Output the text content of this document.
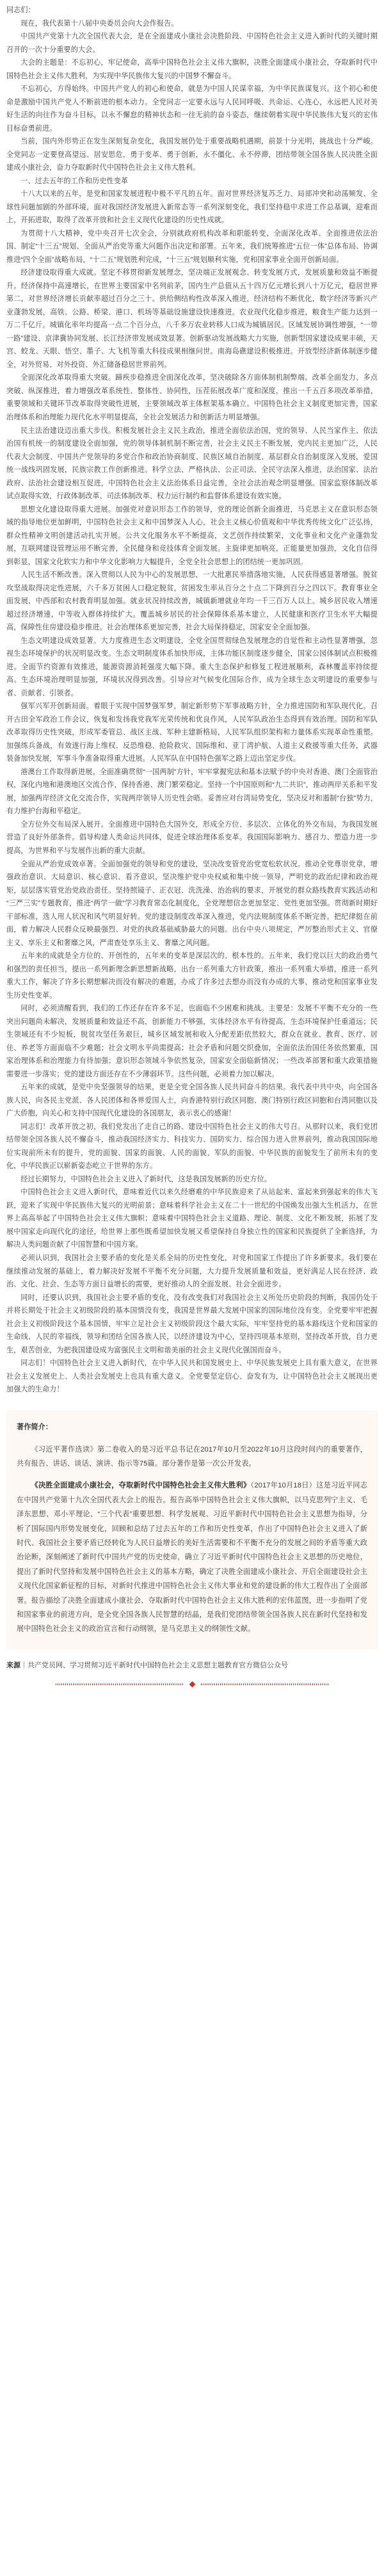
同志们：

现在，我代表第十八届中央委员会向大会作报告。

中国共产党第十九次全国代表大会，是在全面建成小康社会决胜阶段、中国特色社会主义进入新时代的关键时期召开的一次十分重要的大会。

大会的主题是：不忘初心，牢记使命，高举中国特色社会主义伟大旗帜，决胜全面建成小康社会，夺取新时代中国特色社会主义伟大胜利，为实现中华民族伟大复兴的中国梦不懈奋斗。

不忘初心，方得始终。中国共产党人的初心和使命，就是为中国人民谋幸福，为中华民族谋复兴。这个初心和使命是激励中国共产党人不断前进的根本动力。全党同志一定要永远与人民同呼吸、共命运、心连心，永远把人民对美好生活的向往作为奋斗目标，以永不懈怠的精神状态和一往无前的奋斗姿态，继续朝着实现中华民族伟大复兴的宏伟目标奋勇前进。

当前，国内外形势正在发生深刻复杂变化，我国发展仍处于重要战略机遇期，前景十分光明，挑战也十分严峻。全党同志一定要登高望远、居安思危，勇于变革、勇于创新，永不僵化、永不停滞，团结带领全国各族人民决胜全面建成小康社会，奋力夺取新时代中国特色社会主义伟大胜利。

一、过去五年的工作和历史性变革

十八大以来的五年，是党和国家发展进程中极不平凡的五年。面对世界经济复苏乏力、局部冲突和动荡频发、全球性问题加剧的外部环境，面对我国经济发展进入新常态等一系列深刻变化，我们坚持稳中求进工作总基调，迎难而上，开拓进取，取得了改革开放和社会主义现代化建设的历史性成就。

为贯彻十八大精神，党中央召开七次全会，分别就政府机构改革和职能转变、全面深化改革、全面推进依法治国、制定“十三五”规划、全面从严治党等重大问题作出决定和部署。五年来，我们统筹推进“五位一体”总体布局、协调推进“四个全面”战略布局，“十二五”规划胜利完成，“十三五”规划顺利实施，党和国家事业全面开创新局面。

经济建设取得重大成就。坚定不移贯彻新发展理念，坚决端正发展观念、转变发展方式，发展质量和效益不断提升。经济保持中高速增长，在世界主要国家中名列前茅，国内生产总值从五十四万亿元增长到八十万亿元，稳居世界第二，对世界经济增长贡献率超过百分之三十。供给侧结构性改革深入推进，经济结构不断优化，数字经济等新兴产业蓬勃发展，高铁、公路、桥梁、港口、机场等基础设施建设快速推进。农业现代化稳步推进，粮食生产能力达到一万二千亿斤。城镇化率年均提高一点二个百分点，八千多万农业转移人口成为城镇居民。区域发展协调性增强，“一带一路”建设、京津冀协同发展、长江经济带发展成效显著。创新驱动发展战略大力实施，创新型国家建设成果丰硕，天宫、蛟龙、天眼、悟空、墨子、大飞机等重大科技成果相继问世。南海岛礁建设积极推进。开放型经济新体制逐步健全，对外贸易、对外投资、外汇储备稳居世界前列。

全面深化改革取得重大突破。蹄疾步稳推进全面深化改革，坚决破除各方面体制机制弊端。改革全面发力、多点突破、纵深推进，着力增强改革系统性、整体性、协同性，压茬拓展改革广度和深度，推出一千五百多项改革举措，重要领域和关键环节改革取得突破性进展，主要领域改革主体框架基本确立。中国特色社会主义制度更加完善，国家治理体系和治理能力现代化水平明显提高，全社会发展活力和创新活力明显增强。

民主法治建设迈出重大步伐。积极发展社会主义民主政治，推进全面依法治国，党的领导、人民当家作主、依法治国有机统一的制度建设全面加强，党的领导体制机制不断完善，社会主义民主不断发展，党内民主更加广泛，人民代表大会制度、中国共产党领导的多党合作和政治协商制度、民族区域自治制度、基层群众自治制度深入发展，爱国统一战线巩固发展，民族宗教工作创新推进。科学立法、严格执法、公正司法、全民守法深入推进，法治国家、法治政府、法治社会建设相互促进，中国特色社会主义法治体系日益完善，全社会法治观念明显增强。国家监察体制改革试点取得实效，行政体制改革、司法体制改革、权力运行制约和监督体系建设有效实施。

思想文化建设取得重大进展。加强党对意识形态工作的领导，党的理论创新全面推进，马克思主义在意识形态领域的指导地位更加鲜明，中国特色社会主义和中国梦深入人心，社会主义核心价值观和中华优秀传统文化广泛弘扬，群众性精神文明创建活动扎实开展。公共文化服务水平不断提高，文艺创作持续繁荣，文化事业和文化产业蓬勃发展，互联网建设管理运用不断完善，全民健身和竞技体育全面发展。主旋律更加响亮，正能量更加强劲，文化自信得到彰显，国家文化软实力和中华文化影响力大幅提升，全党全社会思想上的团结统一更加巩固。

人民生活不断改善。深入贯彻以人民为中心的发展思想，一大批惠民举措落地实施，人民获得感显著增强。脱贫攻坚战取得决定性进展，六千多万贫困人口稳定脱贫，贫困发生率从百分之十点二下降到百分之四以下。教育事业全面发展，中西部和农村教育明显加强。就业状况持续改善，城镇新增就业年均一千三百万人以上。城乡居民收入增速超过经济增速，中等收入群体持续扩大。覆盖城乡居民的社会保障体系基本建立，人民健康和医疗卫生水平大幅提高，保障性住房建设稳步推进。社会治理体系更加完善，社会大局保持稳定，国家安全全面加强。

生态文明建设成效显著。大力度推进生态文明建设，全党全国贯彻绿色发展理念的自觉性和主动性显著增强，忽视生态环境保护的状况明显改变。生态文明制度体系加快形成，主体功能区制度逐步健全，国家公园体制试点积极推进。全面节约资源有效推进，能源资源消耗强度大幅下降。重大生态保护和修复工程进展顺利，森林覆盖率持续提高。生态环境治理明显加强，环境状况得到改善。引导应对气候变化国际合作，成为全球生态文明建设的重要参与者、贡献者、引领者。

强军兴军开创新局面。着眼于实现中国梦强军梦，制定新形势下军事战略方针，全力推进国防和军队现代化。召开古田全军政治工作会议，恢复和发扬我党我军光荣传统和优良作风，人民军队政治生态得到有效治理。国防和军队改革取得历史性突破，形成军委管总、战区主战、军种主建新格局，人民军队组织架构和力量体系实现革命性重塑。加强练兵备战，有效遂行海上维权、反恐维稳、抢险救灾、国际维和、亚丁湾护航、人道主义救援等重大任务，武器装备加快发展，军事斗争准备取得重大进展。人民军队在中国特色强军之路上迈出坚定步伐。

港澳台工作取得新进展。全面准确贯彻“一国两制”方针，牢牢掌握宪法和基本法赋予的中央对香港、澳门全面管治权，深化内地和港澳地区交流合作，保持香港、澳门繁荣稳定。坚持一个中国原则和“九二共识”，推动两岸关系和平发展，加强两岸经济文化交流合作，实现两岸领导人历史性会晤。妥善应对台湾局势变化，坚决反对和遏制“台独”势力，有力维护台海和平稳定。

全方位外交布局深入展开。全面推进中国特色大国外交，形成全方位、多层次、立体化的外交布局，为我国发展营造了良好外部条件。倡导构建人类命运共同体，促进全球治理体系变革。我国国际影响力、感召力、塑造力进一步提高，为世界和平与发展作出新的重大贡献。

全面从严治党成效卓著。全面加强党的领导和党的建设，坚决改变管党治党宽松软状况。推动全党尊崇党章，增强政治意识、大局意识、核心意识、看齐意识，坚决维护党中央权威和集中统一领导，严明党的政治纪律和政治规矩，层层落实管党治党政治责任。坚持照镜子、正衣冠、洗洗澡、治治病的要求，开展党的群众路线教育实践活动和“三严三实”专题教育，推进“两学一做”学习教育常态化制度化，全党理想信念更加坚定、党性更加坚强。贯彻新时期好干部标准，选人用人状况和风气明显好转。党的建设制度改革深入推进，党内法规制度体系不断完善。把纪律挺在前面，着力解决人民群众反映最强烈、对党的执政基础威胁最大的问题。出台中央八项规定，严厉整治形式主义、官僚主义、享乐主义和奢靡之风，严肃查处享乐主义、奢靡之风问题。

五年来的成就是全方位的、开创性的，五年来的变革是深层次的、根本性的。五年来，我们党以巨大的政治勇气和强烈的责任担当，提出一系列新理念新思想新战略，出台一系列重大方针政策，推出一系列重大举措，推进一系列重大工作，解决了许多长期想解决而没有解决的难题，办成了许多过去想办而没有办成的大事，推动党和国家事业发生历史性变革。

同时，必须清醒看到，我们的工作还存在许多不足，也面临不少困难和挑战。主要是：发展不平衡不充分的一些突出问题尚未解决，发展质量和效益还不高，创新能力不够强，实体经济水平有待提高，生态环境保护任重道远；民生领域还有不少短板，脱贫攻坚任务艰巨，城乡区域发展和收入分配差距依然较大，群众在就业、教育、医疗、居住、养老等方面面临不少难题；社会文明水平尚需提高；社会矛盾和问题交织叠加，全面依法治国任务依然繁重，国家治理体系和治理能力有待加强；意识形态领域斗争依然复杂，国家安全面临新情况；一些改革部署和重大政策措施需要进一步落实；党的建设方面还存在不少薄弱环节。这些问题，必须着力加以解决。

五年来的成就，是党中央坚强领导的结果，更是全党全国各族人民共同奋斗的结果。我代表中共中央，向全国各族人民，向各民主党派、各人民团体和各界爱国人士，向香港特别行政区同胞、澳门特别行政区同胞和台湾同胞以及广大侨胞，向关心和支持中国现代化建设的各国朋友，表示衷心的感谢！

同志们！改革开放之初，我们党发出了走自己的路、建设中国特色社会主义的伟大号召。从那时以来，我们党团结带领全国各族人民不懈奋斗，推动我国经济实力、科技实力、国防实力、综合国力进入世界前列，推动我国国际地位实现前所未有的提升，党的面貌、国家的面貌、人民的面貌、军队的面貌、中华民族的面貌发生了前所未有的变化，中华民族正以崭新姿态屹立于世界的东方。

经过长期努力，中国特色社会主义进入了新时代，这是我国发展新的历史方位。

中国特色社会主义进入新时代，意味着近代以来久经磨难的中华民族迎来了从站起来、富起来到强起来的伟大飞跃，迎来了实现中华民族伟大复兴的光明前景；意味着科学社会主义在二十一世纪的中国焕发出强大生机活力，在世界上高高举起了中国特色社会主义伟大旗帜；意味着中国特色社会主义道路、理论、制度、文化不断发展，拓展了发展中国家走向现代化的途径，给世界上那些既希望加快发展又希望保持自身独立性的国家和民族提供了全新选择，为解决人类问题贡献了中国智慧和中国方案。

必须认识到，我国社会主要矛盾的变化是关系全局的历史性变化，对党和国家工作提出了许多新要求。我们要在继续推动发展的基础上，着力解决好发展不平衡不充分问题，大力提升发展质量和效益，更好满足人民在经济、政治、文化、社会、生态等方面日益增长的需要，更好推动人的全面发展、社会全面进步。

同时，还要认识到，我国社会主要矛盾的变化，没有改变我们对我国社会主义所处历史阶段的判断，我国仍处于并将长期处于社会主义初级阶段的基本国情没有变，我国是世界最大发展中国家的国际地位没有变。全党要牢牢把握社会主义初级阶段这个基本国情，牢牢立足社会主义初级阶段这个最大实际，牢牢坚持党的基本路线这个党和国家的生命线、人民的幸福线，领导和团结全国各族人民，以经济建设为中心，坚持四项基本原则，坚持改革开放，自力更生，艰苦创业，为把我国建设成为富强民主文明和谐美丽的社会主义现代化强国而奋斗。

同志们！中国特色社会主义进入新时代，在中华人民共和国发展史上、中华民族发展史上具有重大意义，在世界社会主义发展史上、人类社会发展史上也具有重大意义。全党要坚定信心、奋发有为，让中国特色社会主义展现出更加强大的生命力！

著作简介：

《习近平著作选读》第二卷收入的是习近平总书记在2017年10月至2022年10月这段时间内的重要著作，共有报告、讲话、谈话、演讲、指示等75篇。部分著作是第一次公开发表。

《决胜全面建成小康社会，夺取新时代中国特色社会主义伟大胜利》（2017年10月18日）这是习近平同志在中国共产党第十九次全国代表大会上的报告。报告高举中国特色社会主义伟大旗帜，以马克思列宁主义、毛泽东思想、邓小平理论、“三个代表”重要思想、科学发展观、习近平新时代中国特色社会主义思想为指导，分析了国际国内形势发展变化，回顾和总结了过去五年的工作和历史性变革，作出了中国特色社会主义进入了新时代、我国社会主要矛盾已经转化为人民日益增长的美好生活需要和不平衡不充分的发展之间的矛盾等重大政治论断，深刻阐述了新时代中国共产党的历史使命，确立了习近平新时代中国特色社会主义思想的历史地位，提出了新时代坚持和发展中国特色社会主义的基本方略，确定了决胜全面建成小康社会、开启全面建设社会主义现代化国家新征程的目标，对新时代推进中国特色社会主义伟大事业和党的建设新的伟大工程作出了全面部署。报告描绘了决胜全面建成小康社会、夺取新时代中国特色社会主义伟大胜利的宏伟蓝图，进一步指明了党和国家事业的前进方向，是全党全国各族人民智慧的结晶，是我们党团结带领全国各族人民在新时代坚持和发展中国特色社会主义的政治宣言和行动纲领，是马克思主义的纲领性文献。

来源｜共产党员网、学习贯彻习近平新时代中国特色社会主义思想主题教育官方微信公众号
